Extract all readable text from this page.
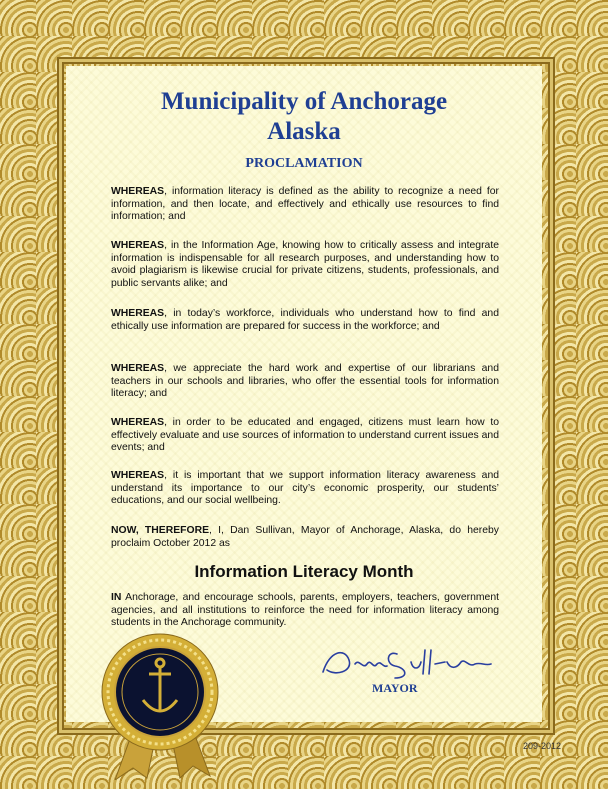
Municipality of Anchorage
Alaska
PROCLAMATION
WHEREAS, information literacy is defined as the ability to recognize a need for information, and then locate, and effectively and ethically use resources to find information; and
WHEREAS, in the Information Age, knowing how to critically assess and integrate information is indispensable for all research purposes, and understanding how to avoid plagiarism is likewise crucial for private citizens, students, professionals, and public servants alike; and
WHEREAS, in today’s workforce, individuals who understand how to find and ethically use information are prepared for success in the workforce; and
WHEREAS, we appreciate the hard work and expertise of our librarians and teachers in our schools and libraries, who offer the essential tools for information literacy; and
WHEREAS, in order to be educated and engaged, citizens must learn how to effectively evaluate and use sources of information to understand current issues and events; and
WHEREAS, it is important that we support information literacy awareness and understand its importance to our city’s economic prosperity, our students’ educations, and our social wellbeing.
NOW, THEREFORE, I, Dan Sullivan, Mayor of Anchorage, Alaska, do hereby proclaim October 2012 as
Information Literacy Month
IN Anchorage, and encourage schools, parents, employers, teachers, government agencies, and all institutions to reinforce the need for information literacy among students in the Anchorage community.
MAYOR
209-2012
